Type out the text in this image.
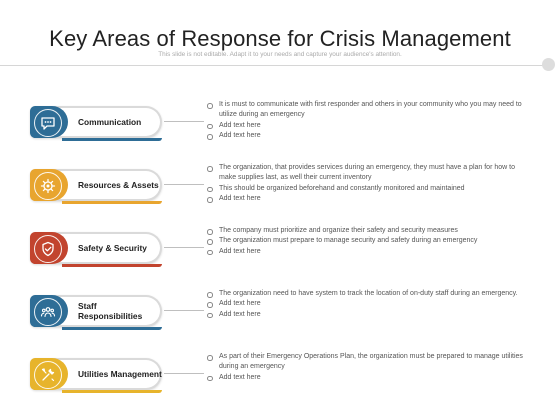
Key Areas of Response for Crisis Management
This slide is not editable. Adapt it to your needs and capture your audience's attention.
Communication
It is must to communicate with first responder and others in your community who you may need to utilize during an emergency
Add text here
Add text here
Resources & Assets
The organization, that provides services during an emergency, they must have a plan for how to make supplies last, as well their current inventory
This should be organized beforehand and constantly monitored and maintained
Add text here
Safety & Security
The company must prioritize and organize their safety and security measures
The organization must prepare to manage security and safety during an emergency
Add text here
Staff Responsibilities
The organization need to have system to track the location of on-duty staff during an emergency.
Add text here
Add text here
Utilities Management
As part of their Emergency Operations Plan, the organization must be prepared to manage utilities during an emergency
Add text here
